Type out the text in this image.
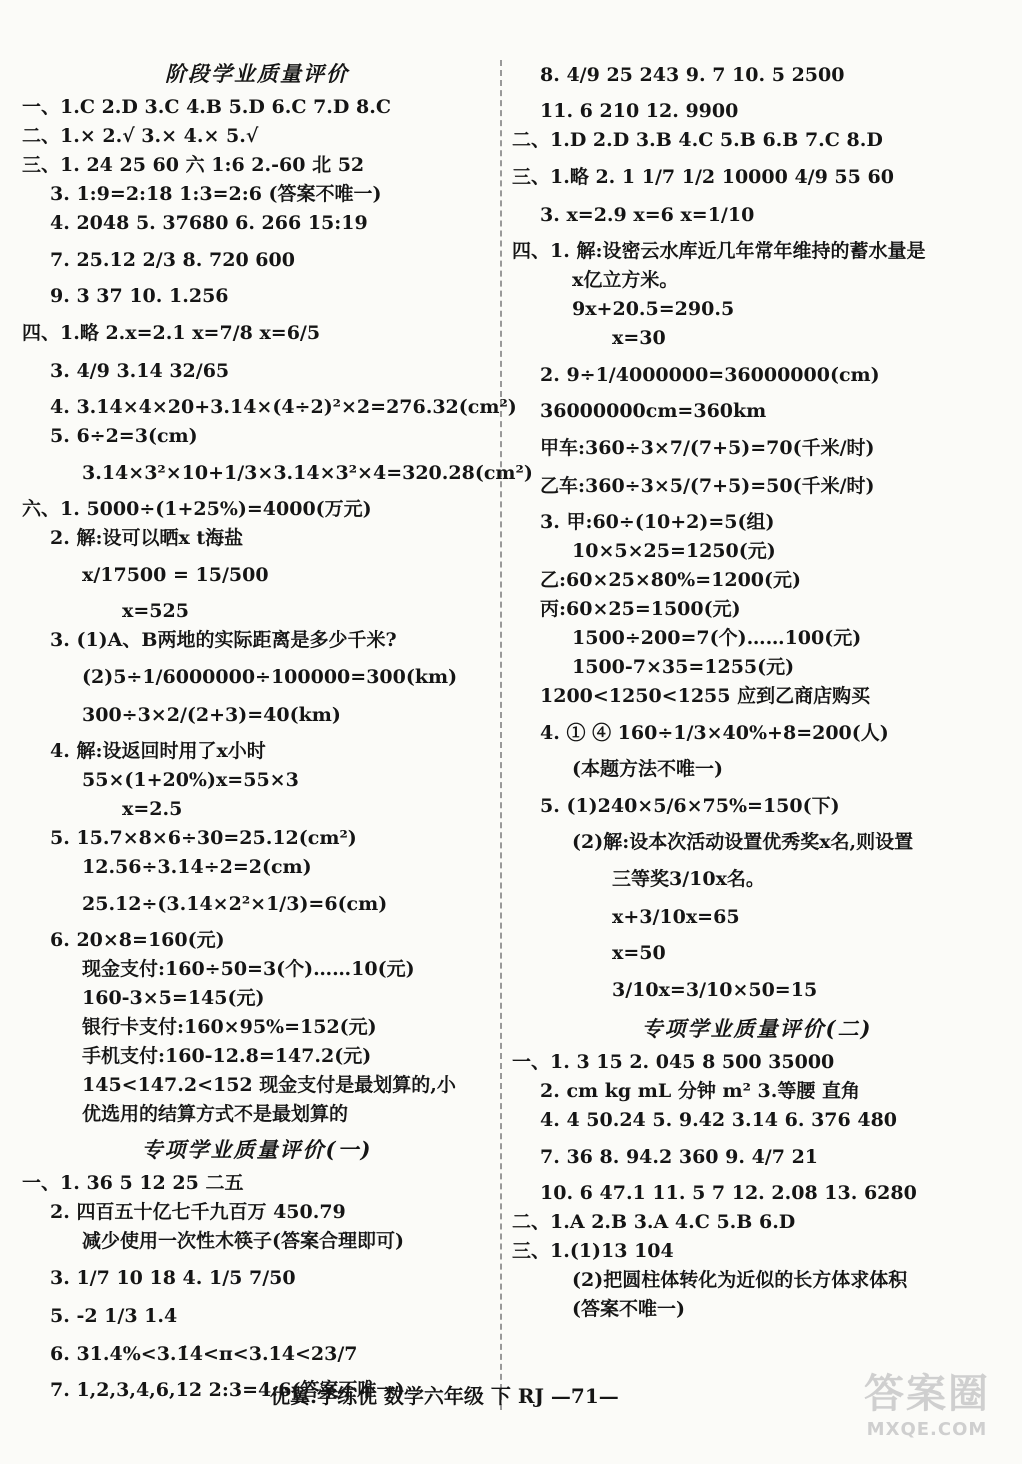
阶段学业质量评价
一、1.C 2.D 3.C 4.B 5.D 6.C 7.D 8.C
二、1.× 2.√ 3.× 4.× 5.√
三、1. 24 25 60 六 1:6 2.-60 北 52
3. 1:9=2:18 1:3=2:6 (答案不唯一)
4. 2048 5. 37680 6. 266 15:19
7. 25.12 2/3 8. 720 600
9. 3 37 10. 1.256
四、1.略 2.x=2.1 x=7/8 x=6/5
3. 4/9 3.14 32/65
4. 3.14×4×20+3.14×(4÷2)²×2=276.32(cm²)
5. 6÷2=3(cm)
3.14×3²×10+1/3×3.14×3²×4=320.28(cm²)
六、1. 5000÷(1+25%)=4000(万元)
2. 解:设可以晒x t海盐
x/17500 = 15/500
x=525
3. (1)A、B两地的实际距离是多少千米?
(2)5÷1/6000000÷100000=300(km)
300÷3×2/(2+3)=40(km)
4. 解:设返回时用了x小时
55×(1+20%)x=55×3
x=2.5
5. 15.7×8×6÷30=25.12(cm²)
12.56÷3.14÷2=2(cm)
25.12÷(3.14×2²×1/3)=6(cm)
6. 20×8=160(元)
现金支付:160÷50=3(个)……10(元)
160-3×5=145(元)
银行卡支付:160×95%=152(元)
手机支付:160-12.8=147.2(元)
145<147.2<152 现金支付是最划算的,小
优选用的结算方式不是最划算的
专项学业质量评价(一)
一、1. 36 5 12 25 二五
2. 四百五十亿七千九百万 450.79
减少使用一次性木筷子(答案合理即可)
3. 1/7 10 18 4. 1/5 7/50
5. -2 1/3 1.4
6. 31.4%<3.1̇4̇<π<3.14̇<23/7
7. 1,2,3,4,6,12 2:3=4:6(答案不唯一)
8. 4/9 25 243 9. 7 10. 5 2500
11. 6 210 12. 9900
二、1.D 2.D 3.B 4.C 5.B 6.B 7.C 8.D
三、1.略 2. 1 1/7 1/2 10000 4/9 55 60
3. x=2.9 x=6 x=1/10
四、1. 解:设密云水库近几年常年维持的蓄水量是
x亿立方米。
9x+20.5=290.5
x=30
2. 9÷1/4000000=36000000(cm)
36000000cm=360km
甲车:360÷3×7/(7+5)=70(千米/时)
乙车:360÷3×5/(7+5)=50(千米/时)
3. 甲:60÷(10+2)=5(组)
10×5×25=1250(元)
乙:60×25×80%=1200(元)
丙:60×25=1500(元)
1500÷200=7(个)……100(元)
1500-7×35=1255(元)
1200<1250<1255 应到乙商店购买
4. ① ④ 160÷1/3×40%+8=200(人)
(本题方法不唯一)
5. (1)240×5/6×75%=150(下)
(2)解:设本次活动设置优秀奖x名,则设置
三等奖3/10x名。
x+3/10x=65
x=50
3/10x=3/10×50=15
专项学业质量评价(二)
一、1. 3 15 2. 045 8 500 35000
2. cm kg mL 分钟 m² 3.等腰 直角
4. 4 50.24 5. 9.42 3.14 6. 376 480
7. 36 8. 94.2 360 9. 4/7 21
10. 6 47.1 11. 5 7 12. 2.08 13. 6280
二、1.A 2.B 3.A 4.C 5.B 6.D
三、1.(1)13 104
(2)把圆柱体转化为近似的长方体求体积
(答案不唯一)
优翼.学练优 数学六年级 下 RJ —71—	答案圈
MXQE.COM
